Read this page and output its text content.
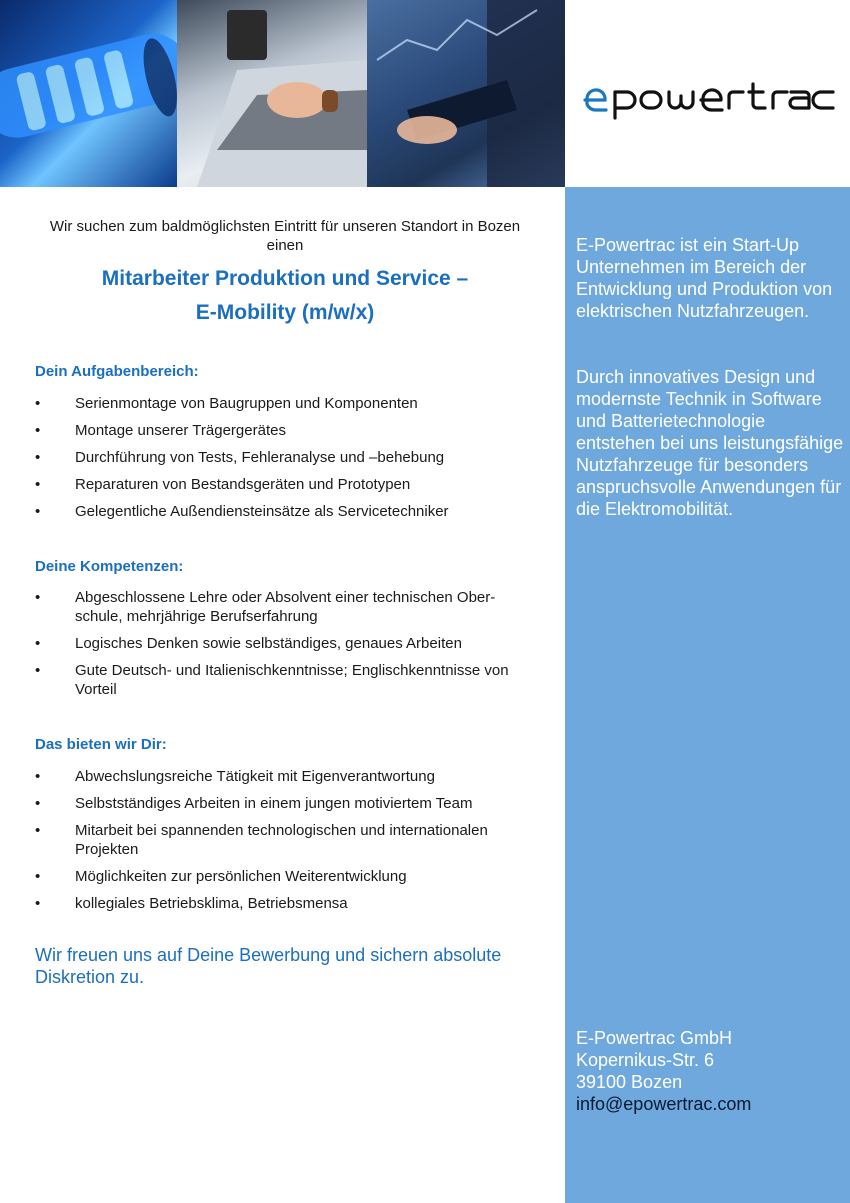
E-Powertrac ist ein Start-Up Unternehmen im Bereich der Entwicklung und Produktion von elektrischen Nutzfahrzeugen.

Durch innovatives Design und modernste Technik in Software und Batterietechnologie entstehen bei uns leistungsfähige Nutzfahrzeuge für besonders anspruchsvolle Anwendungen für die Elektromobilität.

E-Powertrac GmbH

Kopernikus-Str. 6

39100 Bozen

info@epowertrac.com

Wir suchen zum baldmöglichsten Eintritt für unseren Standort in Bozen einen

Mitarbeiter Produktion und Service –
E-Mobility (m/w/x)
Dein Aufgabenbereich:
• Serienmontage von Baugruppen und Komponenten
• Montage unserer Trägergerätes
• Durchführung von Tests, Fehleranalyse und –behebung
• Reparaturen von Bestandsgeräten und Prototypen
• Gelegentliche Außendiensteinsätze als Servicetechniker
Deine Kompetenzen:
• Abgeschlossene Lehre oder Absolvent einer technischen Ober-schule, mehrjährige Berufserfahrung
• Logisches Denken sowie selbständiges, genaues Arbeiten
• Gute Deutsch- und Italienischkenntnisse; Englischkenntnisse von Vorteil
Das bieten wir Dir:
• Abwechslungsreiche Tätigkeit mit Eigenverantwortung
• Selbstständiges Arbeiten in einem jungen motiviertem Team
• Mitarbeit bei spannenden technologischen und internationalen Projekten
• Möglichkeiten zur persönlichen Weiterentwicklung
• kollegiales Betriebsklima, Betriebsmensa

Wir freuen uns auf Deine Bewerbung und sichern absolute Diskretion zu.
